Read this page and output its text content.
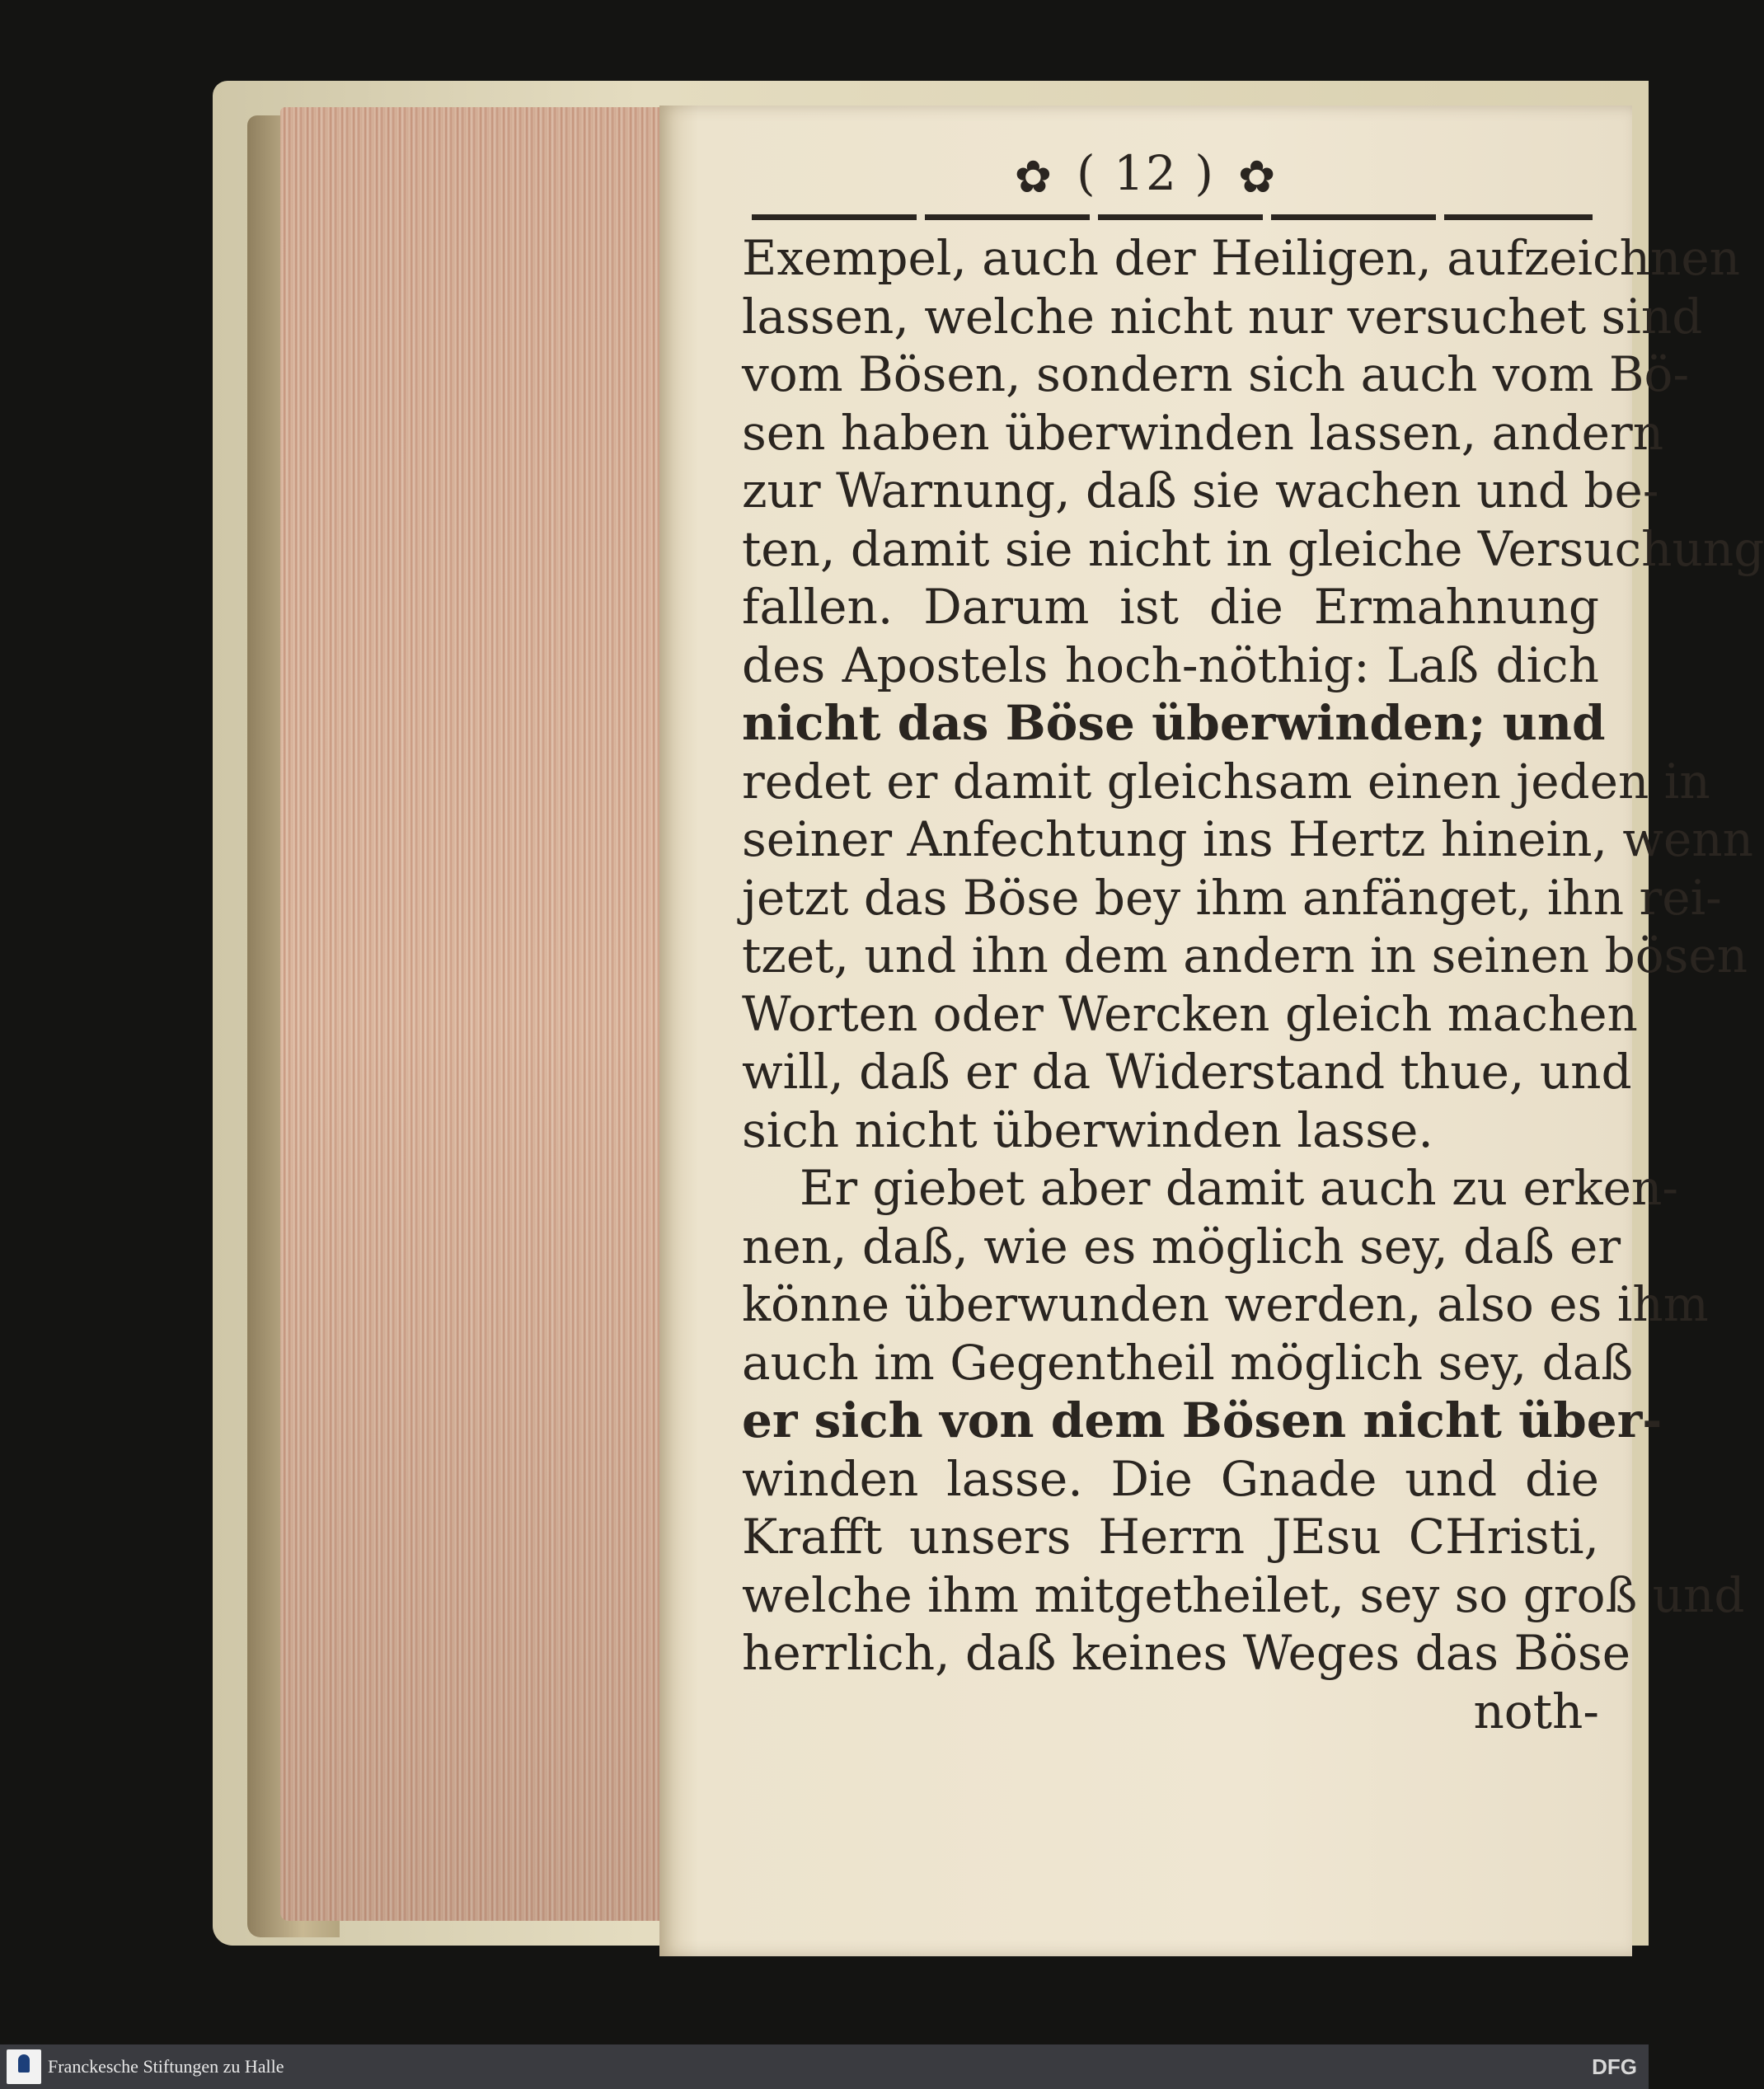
✿ ( 12 ) ✿
Exempel, auch der Heiligen, aufzeichnen
lassen, welche nicht nur versuchet sind
vom Bösen, sondern sich auch vom Bö-
sen haben überwinden lassen, andern
zur Warnung, daß sie wachen und be-
ten, damit sie nicht in gleiche Versuchung
fallen. Darum ist die Ermahnung
des Apostels hoch-nöthig: Laß dich
nicht das Böse überwinden; und
redet er damit gleichsam einen jeden in
seiner Anfechtung ins Hertz hinein, wenn
jetzt das Böse bey ihm anfänget, ihn rei-
tzet, und ihn dem andern in seinen bösen
Worten oder Wercken gleich machen
will, daß er da Widerstand thue, und
sich nicht überwinden lasse.
Er giebet aber damit auch zu erken-
nen, daß, wie es möglich sey, daß er
könne überwunden werden, also es ihm
auch im Gegentheil möglich sey, daß
er sich von dem Bösen nicht über-
winden lasse. Die Gnade und die
Krafft unsers Herrn JEsu CHristi,
welche ihm mitgetheilet, sey so groß und
herrlich, daß keines Weges das Böse
noth-
Franckesche Stiftungen zu Halle	DFG
